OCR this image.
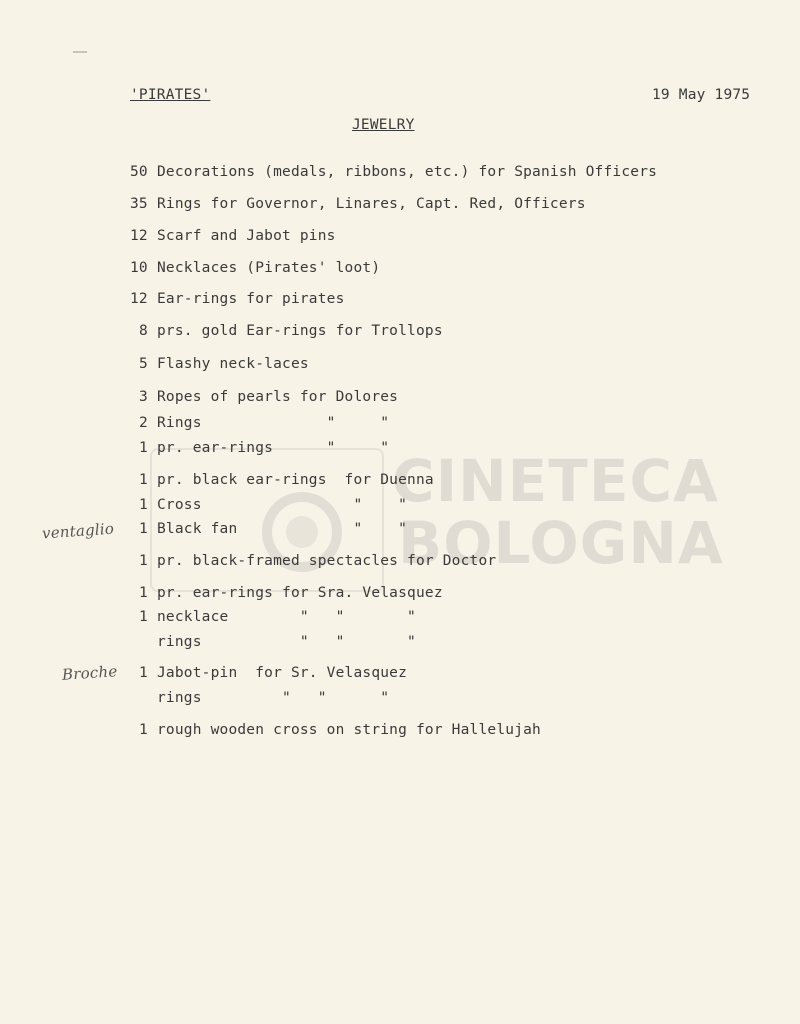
CINETECA
BOLOGNA
'PIRATES'	19 May 1975
JEWELRY
50 Decorations (medals, ribbons, etc.) for Spanish Officers
35 Rings for Governor, Linares, Capt. Red, Officers
12 Scarf and Jabot pins
10 Necklaces (Pirates' loot)
12 Ear-rings for pirates
8 prs. gold Ear-rings for Trollops
5 Flashy neck-laces
3 Ropes of pearls for Dolores
2 Rings              "     "
1 pr. ear-rings      "     "
1 pr. black ear-rings  for Duenna
1 Cross                 "    "
1 Black fan             "    "
1 pr. black-framed spectacles for Doctor
1 pr. ear-rings for Sra. Velasquez
1 necklace        "   "       "
rings           "   "       "
1 Jabot-pin  for Sr. Velasquez
rings         "   "      "
1 rough wooden cross on string for Hallelujah
ventaglio
Broche
